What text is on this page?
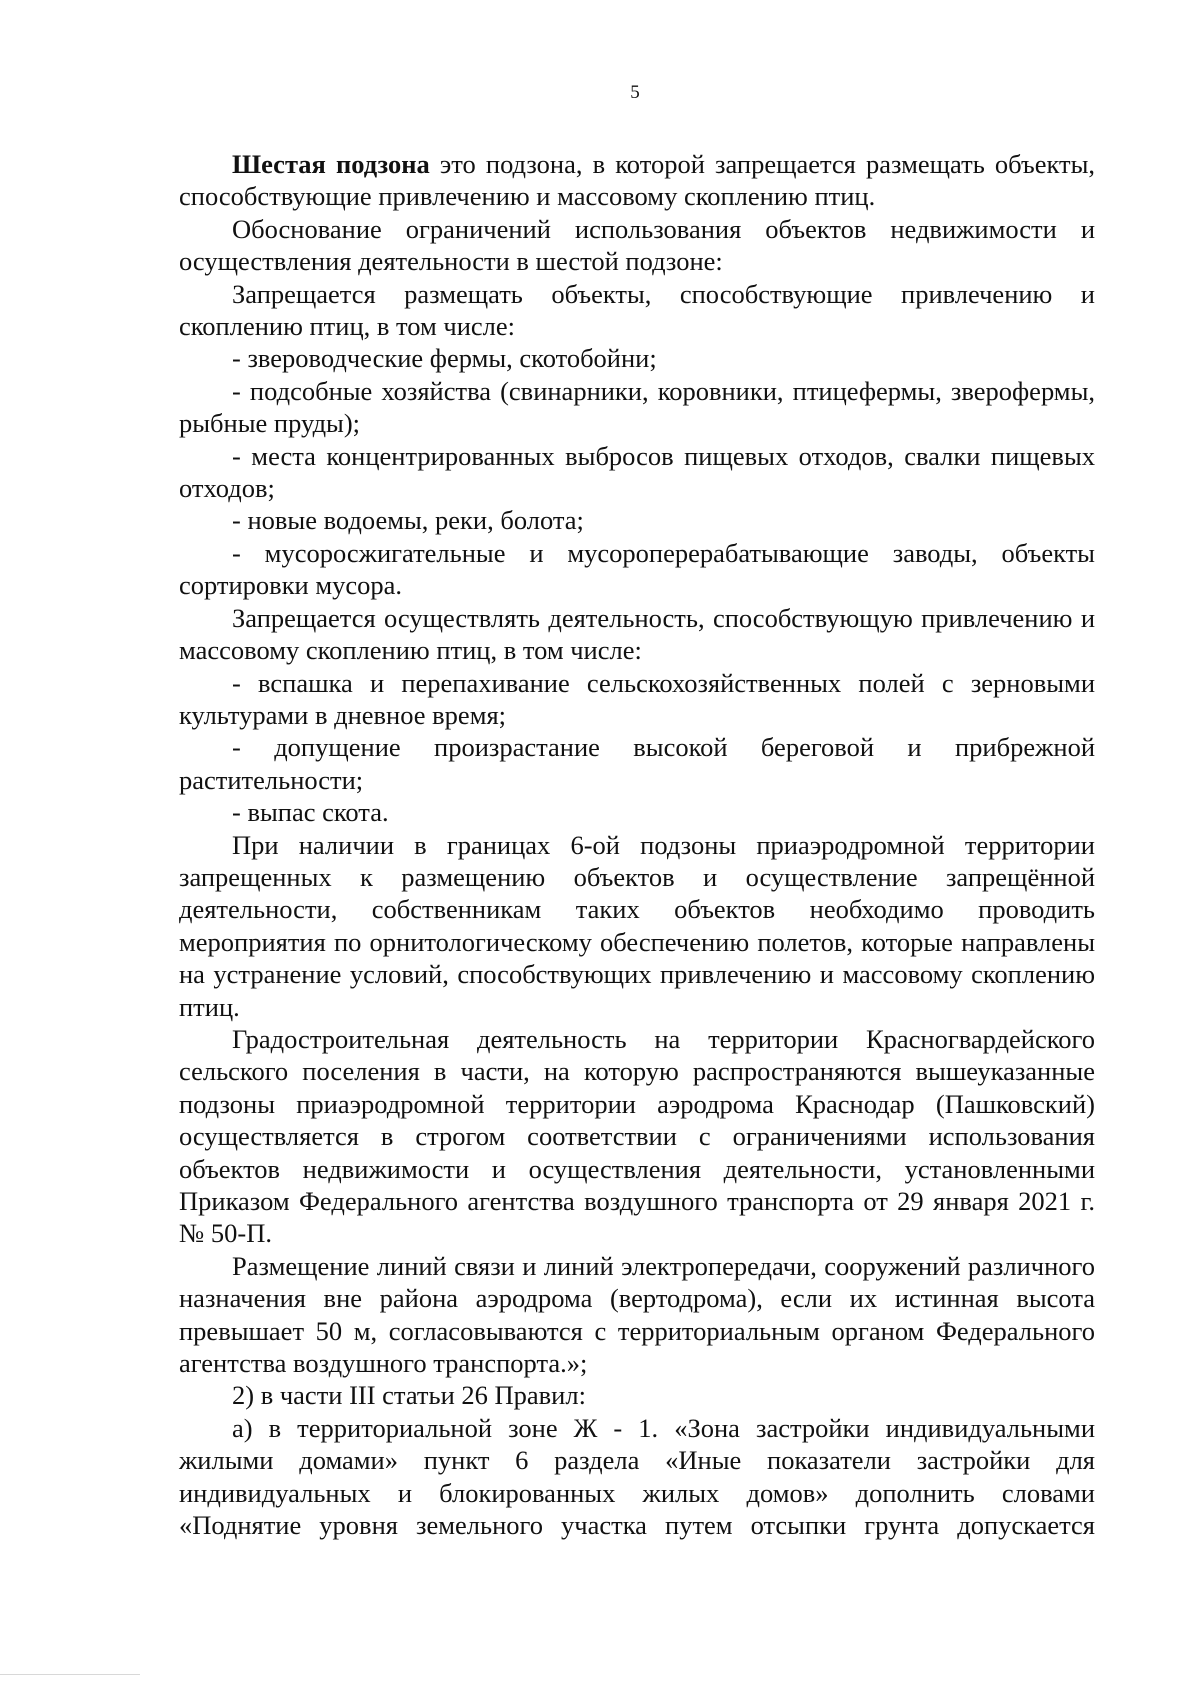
5

Шестая подзона это подзона, в которой запрещается размещать объекты, способствующие привлечению и массовому скоплению птиц.

Обоснование ограничений использования объектов недвижимости и осуществления деятельности в шестой подзоне:

Запрещается размещать объекты, способствующие привлечению и скоплению птиц, в том числе:

- звероводческие фермы, скотобойни;

- подсобные хозяйства (свинарники, коровники, птицефермы, зверофермы, рыбные пруды);

- места концентрированных выбросов пищевых отходов, свалки пищевых отходов;

- новые водоемы, реки, болота;

- мусоросжигательные и мусороперерабатывающие заводы, объекты сортировки мусора.

Запрещается осуществлять деятельность, способствующую привлечению и массовому скоплению птиц, в том числе:

- вспашка и перепахивание сельскохозяйственных полей с зерновыми культурами в дневное время;

- допущение произрастание высокой береговой и прибрежной растительности;

- выпас скота.

При наличии в границах 6-ой подзоны приаэродромной территории запрещенных к размещению объектов и осуществление запрещённой деятельности, собственникам таких объектов необходимо проводить мероприятия по орнитологическому обеспечению полетов, которые направлены на устранение условий, способствующих привлечению и массовому скоплению птиц.

Градостроительная деятельность на территории Красногвардейского сельского поселения в части, на которую распространяются вышеуказанные подзоны приаэродромной территории аэродрома Краснодар (Пашковский) осуществляется в строгом соответствии с ограничениями использования объектов недвижимости и осуществления деятельности, установленными Приказом Федерального агентства воздушного транспорта от 29 января 2021 г. № 50-П.

Размещение линий связи и линий электропередачи, сооружений различного назначения вне района аэродрома (вертодрома), если их истинная высота превышает 50 м, согласовываются с территориальным органом Федерального агентства воздушного транспорта.»;

2) в части III статьи 26 Правил:

а) в территориальной зоне Ж - 1. «Зона застройки индивидуальными жилыми домами» пункт 6 раздела «Иные показатели застройки для индивидуальных и блокированных жилых домов» дополнить словами «Поднятие уровня земельного участка путем отсыпки грунта допускается
